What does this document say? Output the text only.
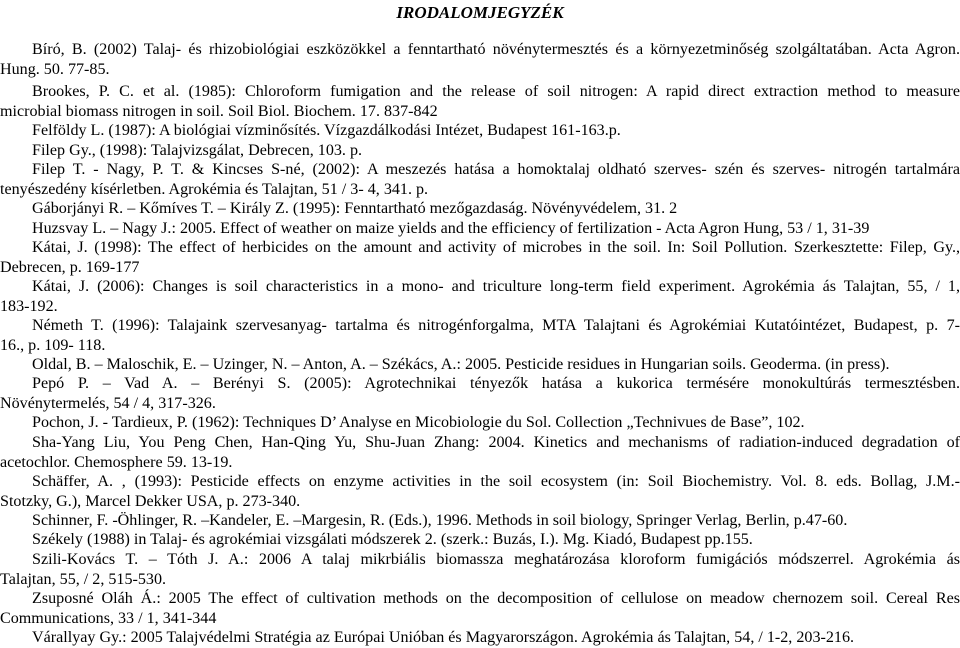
IRODALOMJEGYZÉK
Bíró, B. (2002) Talaj- és rhizobiológiai eszközökkel a fenntartható növénytermesztés és a környezetminőség szolgáltatában. Acta Agron.
Hung. 50. 77-85.
Brookes, P. C. et al. (1985): Chloroform fumigation and the release of soil nitrogen: A rapid direct extraction method to measure
microbial biomass nitrogen in soil. Soil Biol. Biochem. 17. 837-842
Felföldy L. (1987): A biológiai vízminősítés. Vízgazdálkodási Intézet, Budapest 161-163.p.
Filep Gy., (1998): Talajvizsgálat, Debrecen, 103. p.
Filep T. - Nagy, P. T. & Kincses S-né, (2002): A meszezés hatása a homoktalaj oldható szerves- szén és szerves- nitrogén tartalmára
tenyészedény kísérletben. Agrokémia és Talajtan, 51 / 3- 4, 341. p.
Gáborjányi R. – Kőmíves T. – Király Z. (1995): Fenntartható mezőgazdaság. Növényvédelem, 31. 2
Huzsvay L. – Nagy J.: 2005. Effect of weather on maize yields and the efficiency of fertilization - Acta Agron Hung, 53 / 1, 31-39
Kátai, J. (1998): The effect of herbicides on the amount and activity of microbes in the soil. In: Soil Pollution. Szerkesztette: Filep, Gy.,
Debrecen, p. 169-177
Kátai, J. (2006): Changes is soil characteristics in a mono- and triculture long-term field experiment. Agrokémia ás Talajtan, 55, / 1,
183-192.
Németh T. (1996): Talajaink szervesanyag- tartalma és nitrogénforgalma, MTA Talajtani és Agrokémiai Kutatóintézet, Budapest, p. 7-
16., p. 109- 118.
Oldal, B. – Maloschik, E. – Uzinger, N. – Anton, A. – Székács, A.: 2005. Pesticide residues in Hungarian soils. Geoderma. (in press).
Pepó P. – Vad A. – Berényi S. (2005): Agrotechnikai tényezők hatása a kukorica termésére monokultúrás termesztésben.
Növénytermelés, 54 / 4, 317-326.
Pochon, J. - Tardieux, P. (1962): Techniques D’ Analyse en Micobiologie du Sol. Collection „Technivues de Base”, 102.
Sha-Yang Liu, You Peng Chen, Han-Qing Yu, Shu-Juan Zhang: 2004. Kinetics and mechanisms of radiation-induced degradation of
acetochlor. Chemosphere 59. 13-19.
Schäffer, A. , (1993): Pesticide effects on enzyme activities in the soil ecosystem (in: Soil Biochemistry. Vol. 8. eds. Bollag, J.M.-
Stotzky, G.), Marcel Dekker USA, p. 273-340.
Schinner, F. -Öhlinger, R. –Kandeler, E. –Margesin, R. (Eds.), 1996. Methods in soil biology, Springer Verlag, Berlin, p.47-60.
Székely (1988) in Talaj- és agrokémiai vizsgálati módszerek 2. (szerk.: Buzás, I.). Mg. Kiadó, Budapest pp.155.
Szili-Kovács T. – Tóth J. A.: 2006 A talaj mikrbiális biomassza meghatározása kloroform fumigációs módszerrel. Agrokémia ás
Talajtan, 55, / 2, 515-530.
Zsuposné Oláh Á.: 2005 The effect of cultivation methods on the decomposition of cellulose on meadow chernozem soil. Cereal Res
Communications, 33 / 1, 341-344
Várallyay Gy.: 2005 Talajvédelmi Stratégia az Európai Unióban és Magyarországon. Agrokémia ás Talajtan, 54, / 1-2, 203-216.
